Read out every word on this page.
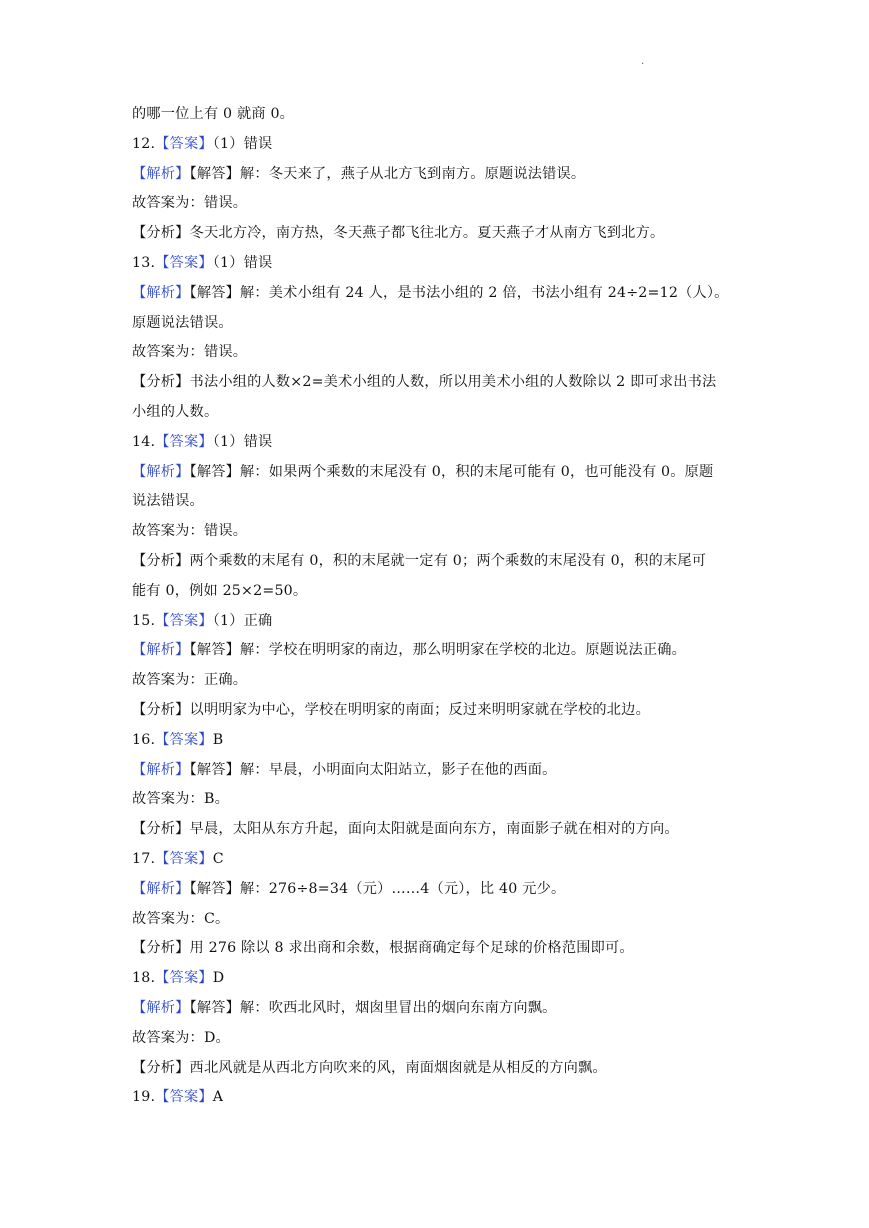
.
的哪一位上有 0 就商 0。
12.【答案】（1）错误
【解析】【解答】解：冬天来了，燕子从北方飞到南方。原题说法错误。
故答案为：错误。
【分析】冬天北方冷，南方热，冬天燕子都飞往北方。夏天燕子才从南方飞到北方。
13.【答案】（1）错误
【解析】【解答】解：美术小组有 24 人，是书法小组的 2 倍，书法小组有 24÷2=12（人）。
原题说法错误。
故答案为：错误。
【分析】书法小组的人数×2=美术小组的人数，所以用美术小组的人数除以 2 即可求出书法
小组的人数。
14.【答案】（1）错误
【解析】【解答】解：如果两个乘数的末尾没有 0，积的末尾可能有 0，也可能没有 0。原题
说法错误。
故答案为：错误。
【分析】两个乘数的末尾有 0，积的末尾就一定有 0；两个乘数的末尾没有 0，积的末尾可
能有 0，例如 25×2=50。
15.【答案】（1）正确
【解析】【解答】解：学校在明明家的南边，那么明明家在学校的北边。原题说法正确。
故答案为：正确。
【分析】以明明家为中心，学校在明明家的南面；反过来明明家就在学校的北边。
16.【答案】B
【解析】【解答】解：早晨，小明面向太阳站立，影子在他的西面。
故答案为：B。
【分析】早晨，太阳从东方升起，面向太阳就是面向东方，南面影子就在相对的方向。
17.【答案】C
【解析】【解答】解：276÷8=34（元）……4（元），比 40 元少。
故答案为：C。
【分析】用 276 除以 8 求出商和余数，根据商确定每个足球的价格范围即可。
18.【答案】D
【解析】【解答】解：吹西北风时，烟囱里冒出的烟向东南方向飘。
故答案为：D。
【分析】西北风就是从西北方向吹来的风，南面烟囱就是从相反的方向飘。
19.【答案】A
